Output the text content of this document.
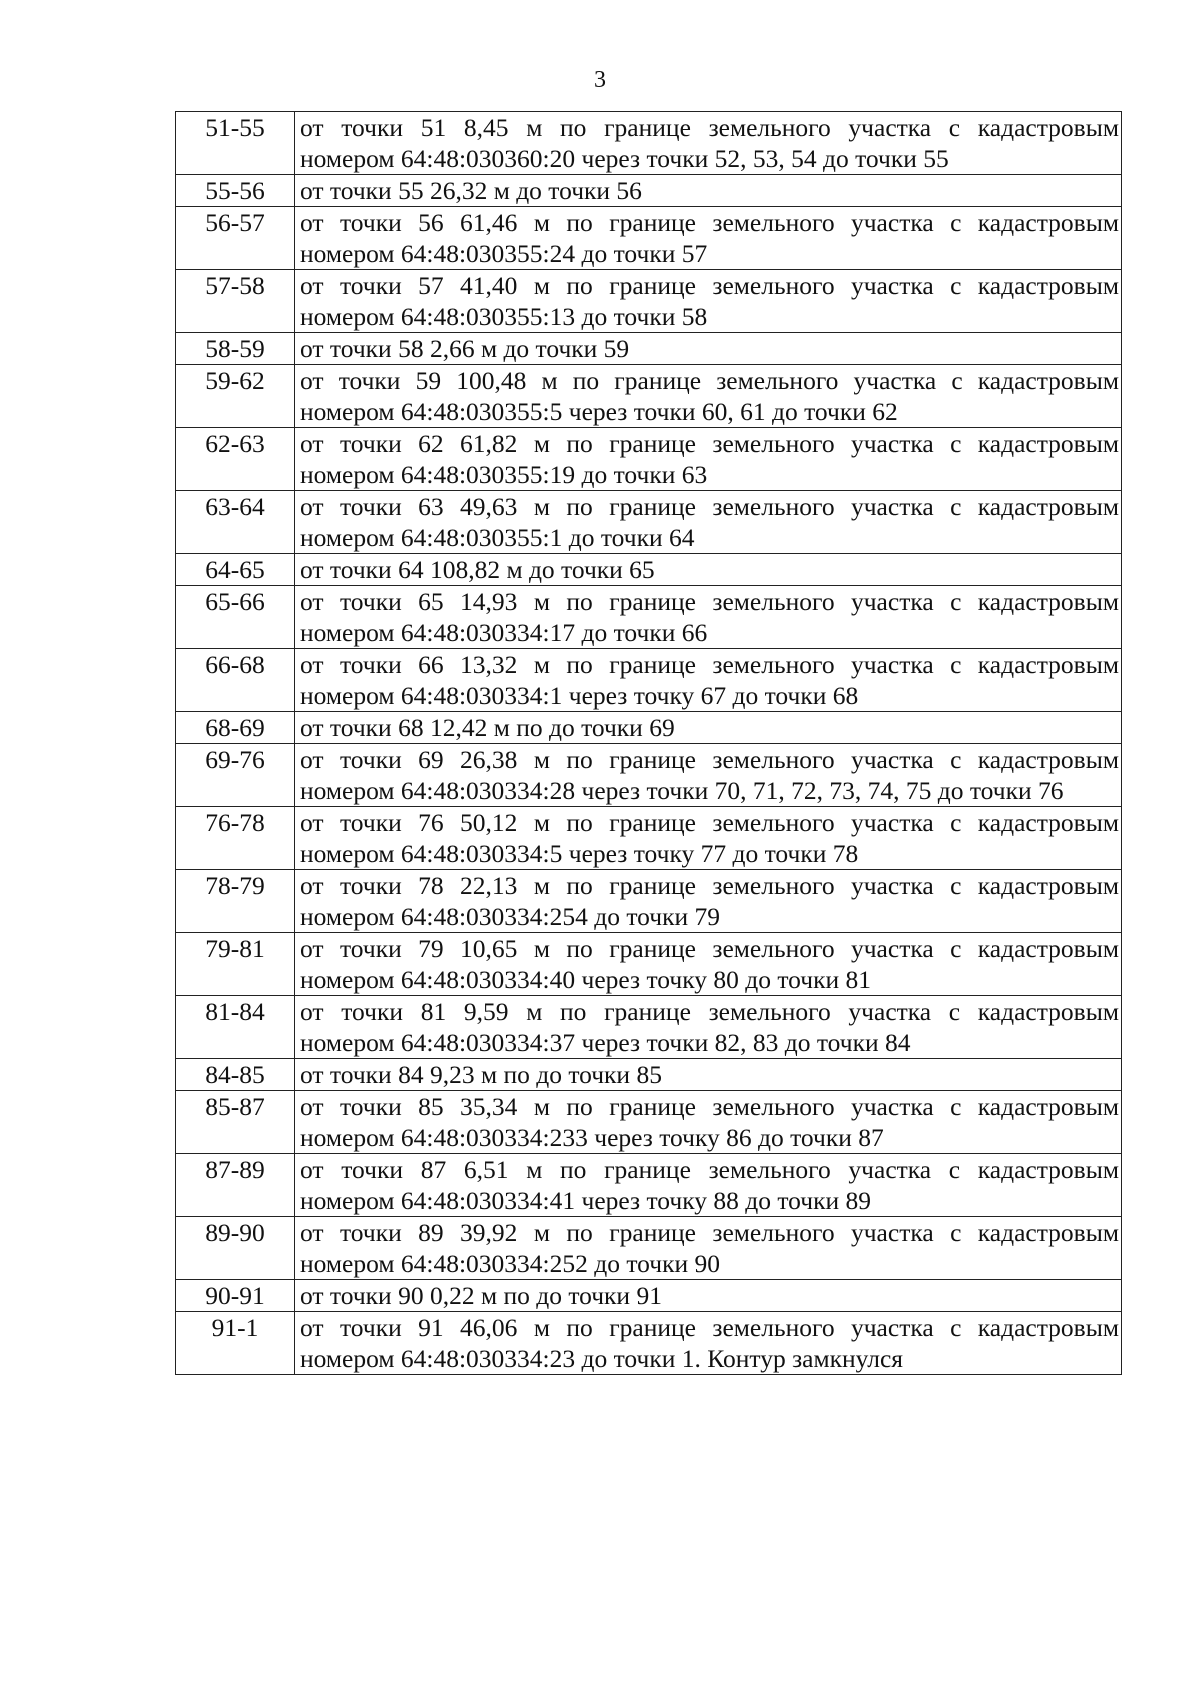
3
51-55	от точки 51 8,45 м по границе земельного участка с кадастровым
номером 64:48:030360:20 через точки 52, 53, 54 до точки 55

55-56	от точки 55 26,32 м до точки 56

56-57	от точки 56 61,46 м по границе земельного участка с кадастровым
номером 64:48:030355:24 до точки 57

57-58	от точки 57 41,40 м по границе земельного участка с кадастровым
номером 64:48:030355:13 до точки 58

58-59	от точки 58 2,66 м до точки 59

59-62	от точки 59 100,48 м по границе земельного участка с кадастровым
номером 64:48:030355:5 через точки 60, 61 до точки 62

62-63	от точки 62 61,82 м по границе земельного участка с кадастровым
номером 64:48:030355:19 до точки 63

63-64	от точки 63 49,63 м по границе земельного участка с кадастровым
номером 64:48:030355:1 до точки 64

64-65	от точки 64 108,82 м до точки 65

65-66	от точки 65 14,93 м по границе земельного участка с кадастровым
номером 64:48:030334:17 до точки 66

66-68	от точки 66 13,32 м по границе земельного участка с кадастровым
номером 64:48:030334:1 через точку 67 до точки 68

68-69	от точки 68 12,42 м по до точки 69

69-76	от точки 69 26,38 м по границе земельного участка с кадастровым
номером 64:48:030334:28 через точки 70, 71, 72, 73, 74, 75 до точки 76

76-78	от точки 76 50,12 м по границе земельного участка с кадастровым
номером 64:48:030334:5 через точку 77 до точки 78

78-79	от точки 78 22,13 м по границе земельного участка с кадастровым
номером 64:48:030334:254 до точки 79

79-81	от точки 79 10,65 м по границе земельного участка с кадастровым
номером 64:48:030334:40 через точку 80 до точки 81

81-84	от точки 81 9,59 м по границе земельного участка с кадастровым
номером 64:48:030334:37 через точки 82, 83 до точки 84

84-85	от точки 84 9,23 м по до точки 85

85-87	от точки 85 35,34 м по границе земельного участка с кадастровым
номером 64:48:030334:233 через точку 86 до точки 87

87-89	от точки 87 6,51 м по границе земельного участка с кадастровым
номером 64:48:030334:41 через точку 88 до точки 89

89-90	от точки 89 39,92 м по границе земельного участка с кадастровым
номером 64:48:030334:252 до точки 90

90-91	от точки 90 0,22 м по до точки 91

91-1	от точки 91 46,06 м по границе земельного участка с кадастровым
номером 64:48:030334:23 до точки 1. Контур замкнулся
